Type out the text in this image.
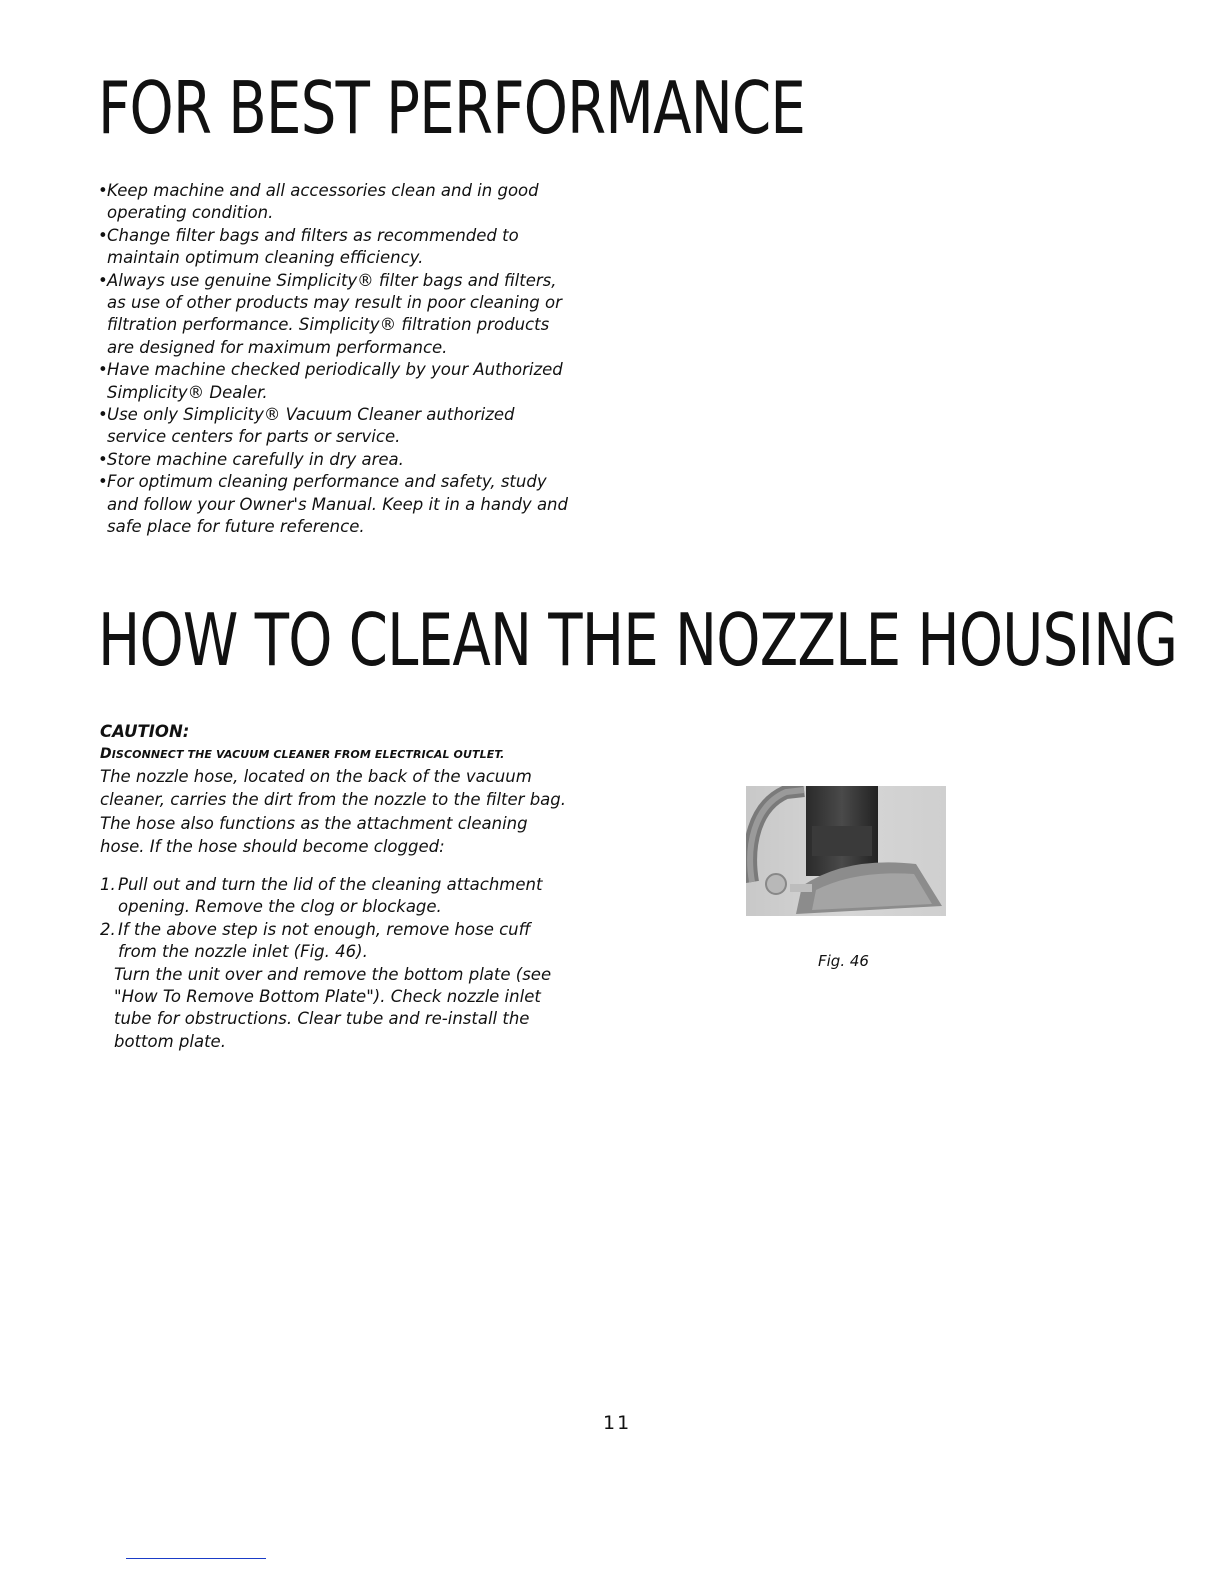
FOR BEST PERFORMANCE
• Keep machine and all accessories clean and in good operating condition.
• Change filter bags and filters as recommended to maintain optimum cleaning efficiency.
• Always use genuine Simplicity® filter bags and filters, as use of other products may result in poor cleaning or filtration performance. Simplicity® filtration products are designed for maximum performance.
• Have machine checked periodically by your Authorized Simplicity® Dealer.
• Use only Simplicity® Vacuum Cleaner authorized service centers for parts or service.
• Store machine carefully in dry area.
• For optimum cleaning performance and safety, study and follow your Owner's Manual. Keep it in a handy and safe place for future reference.
HOW TO CLEAN THE NOZZLE HOUSING

CAUTION:

DISCONNECT THE VACUUM CLEANER FROM ELECTRICAL OUTLET.

The nozzle hose, located on the back of the vacuum cleaner, carries the dirt from the nozzle to the filter bag. The hose also functions as the attachment cleaning hose. If the hose should become clogged:

1. Pull out and turn the lid of the cleaning attachment opening. Remove the clog or blockage.
2. If the above step is not enough, remove hose cuff from the nozzle inlet (Fig. 46).
Turn the unit over and remove the bottom plate (see "How To Remove Bottom Plate"). Check nozzle inlet tube for obstructions. Clear tube and re-install the bottom plate.
Fig. 46
11
